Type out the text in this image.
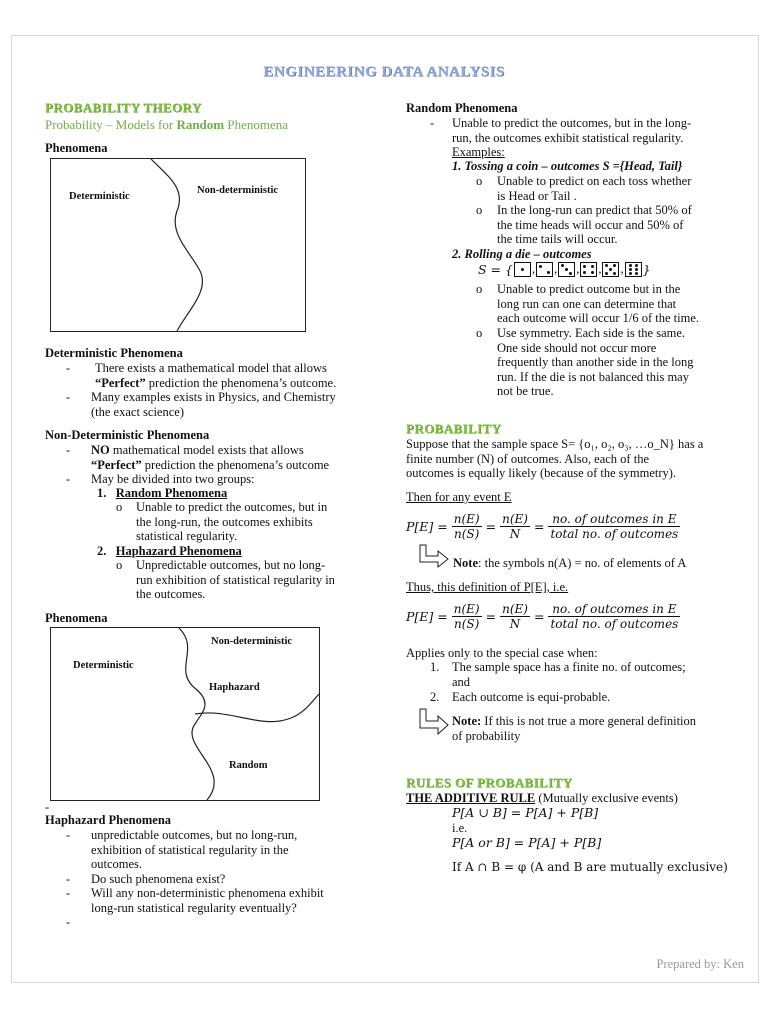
ENGINEERING DATA ANALYSIS
PROBABILITY THEORY
Probability – Models for Random Phenomena
Phenomena
Deterministic
Non-deterministic
Deterministic Phenomena
- There exists a mathematical model that allows
“Perfect” prediction the phenomena’s outcome.
- Many examples exists in Physics, and Chemistry
(the exact science)
Non-Deterministic Phenomena
- NO mathematical model exists that allows
“Perfect” prediction the phenomena’s outcome
- May be divided into two groups:
1. Random Phenomena
o Unable to predict the outcomes, but in
the long-run, the outcomes exhibits
statistical regularity.
2. Haphazard Phenomena
o Unpredictable outcomes, but no long-
run exhibition of statistical regularity in
the outcomes.
Phenomena
Non-deterministic
Deterministic
Haphazard
Random
-
Haphazard Phenomena
- unpredictable outcomes, but no long-run,
exhibition of statistical regularity in the
outcomes.
- Do such phenomena exist?
- Will any non-deterministic phenomena exhibit
long-run statistical regularity eventually?
-
Random Phenomena
- Unable to predict the outcomes, but in the long-
run, the outcomes exhibit statistical regularity.
Examples:
1. Tossing a coin – outcomes S ={Head, Tail}
o Unable to predict on each toss whether
is Head or Tail .
o In the long-run can predict that 50% of
the time heads will occur and 50% of
the time tails will occur.
2. Rolling a die – outcomes
S = { ,
,
,
,
, }
o Unable to predict outcome but in the
long run can one can determine that
each outcome will occur 1/6 of the time.
o Use symmetry. Each side is the same.
One side should not occur more
frequently than another side in the long
run. If the die is not balanced this may
not be true.
PROBABILITY
Suppose that the sample space S= {o₁, o₂, o₃, …o_N} has a
finite number (N) of outcomes. Also, each of the
outcomes is equally likely (because of the symmetry).
Then for any event E
$P[E] = \frac{n(E)}{n(S)} = \frac{n(E)}{N} = \frac{\text{no. of outcomes in E}}{\text{total no. of outcomes}}$
Note: the symbols n(A) = no. of elements of A
Thus, this definition of P[E], i.e.
$P[E] = \frac{n(E)}{n(S)} = \frac{n(E)}{N} = \frac{\text{no. of outcomes in E}}{\text{total no. of outcomes}}$
Applies only to the special case when:
1. The sample space has a finite no. of outcomes;
and
2. Each outcome is equi-probable.
Note: If this is not true a more general definition
of probability
RULES OF PROBABILITY
THE ADDITIVE RULE (Mutually exclusive events)
P[A ∪ B] = P[A] + P[B]
i.e.
P[A or B] = P[A] + P[B]
If A ∩ B = φ (A and B are mutually exclusive)
Prepared by: Ken
